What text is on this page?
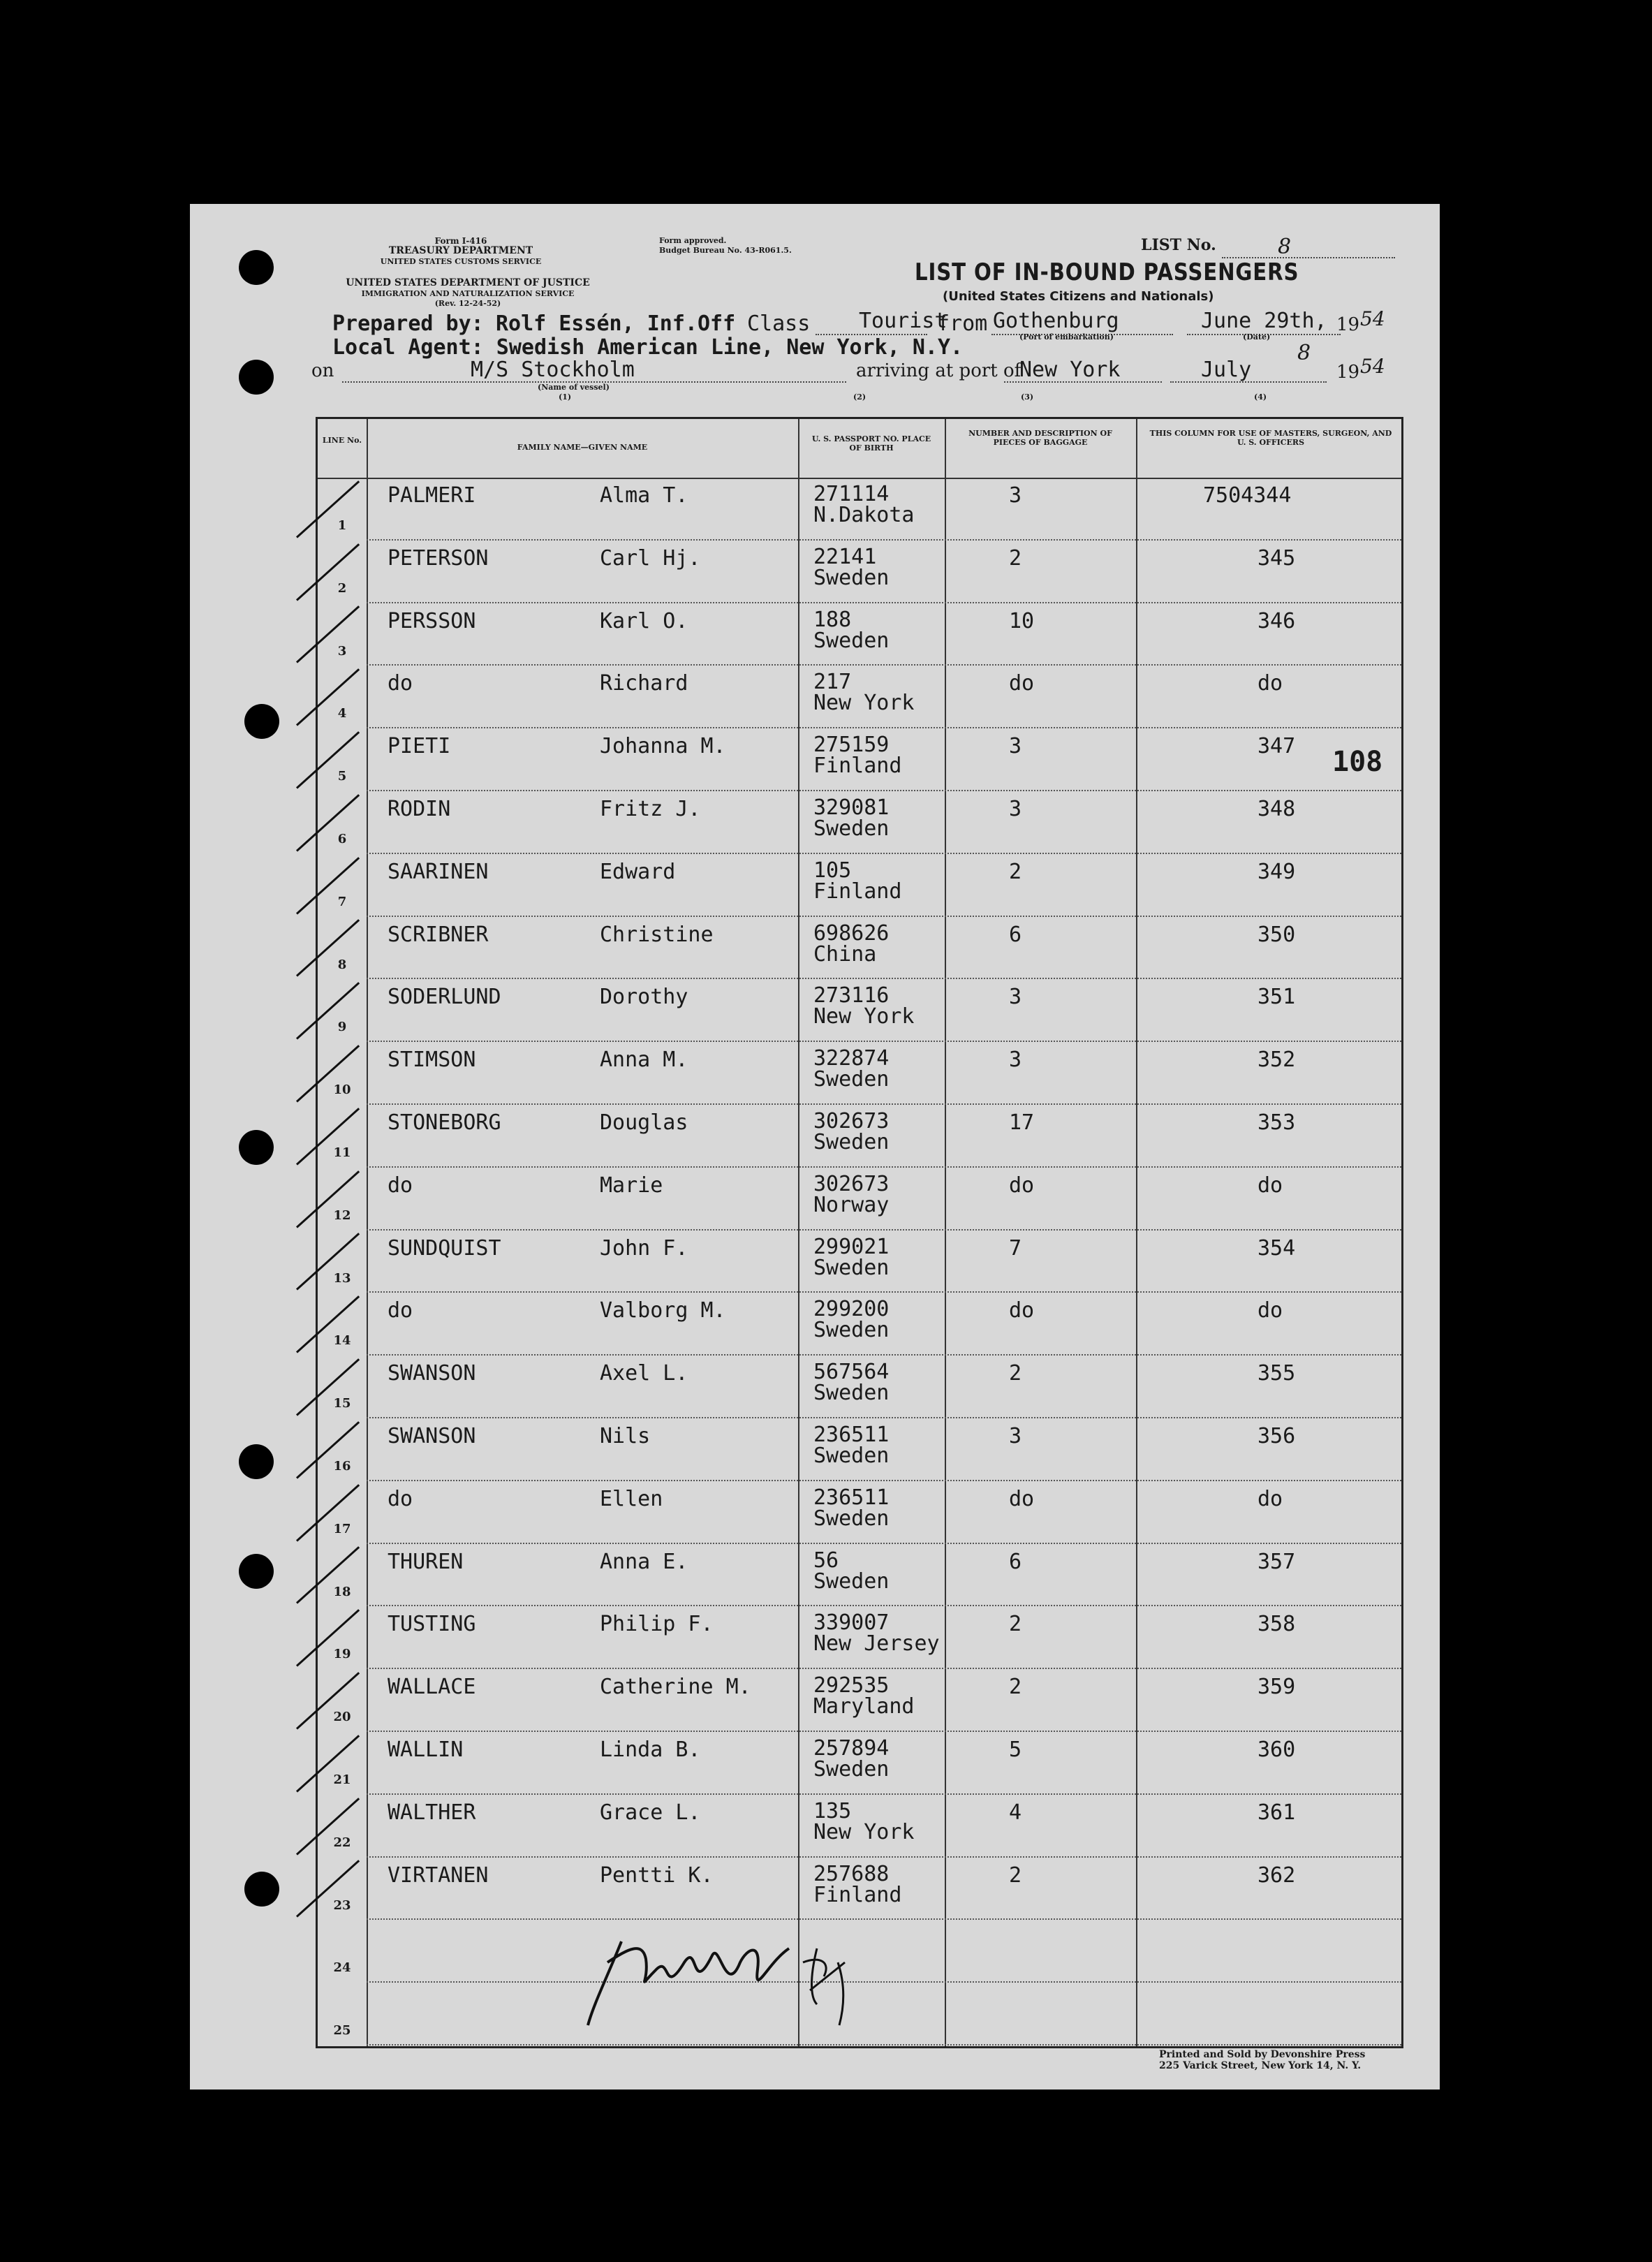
Form I-416
TREASURY DEPARTMENT
UNITED STATES CUSTOMS SERVICE
UNITED STATES DEPARTMENT OF JUSTICE
IMMIGRATION AND NATURALIZATION SERVICE
(Rev. 12-24-52)
Form approved.
Budget Bureau No. 43-R061.5.	LIST No.	8
LIST OF IN-BOUND PASSENGERS
(United States Citizens and Nationals)
Prepared by: Rolf Essén, Inf.Off Class Tourist
from Gothenburg
(Port of embarkation)
June 29th, 19 54
(Date)
Local Agent: Swedish American Line, New York, N.Y.
on	M/S Stockholm
(Name of vessel)
arriving at port of
New York	July
8
19 54
(1)	(2)	(3)	(4)
LINE No.
FAMILY NAME—GIVEN NAME
U. S. PASSPORT NO. PLACE OF BIRTH
NUMBER AND DESCRIPTION OF PIECES OF BAGGAGE
THIS COLUMN FOR USE OF MASTERS, SURGEON, AND U. S. OFFICERS
1
PALMERI	Alma T.	271114
N.Dakota
3	7504344
2
PETERSON	Carl Hj.	22141
Sweden
2	345
3
PERSSON	Karl O.	188
Sweden
10	346
4
do	Richard	217
New York
do	do
5
PIETI	Johanna M.	275159
Finland
3	347
6
RODIN	Fritz J.	329081
Sweden
3	348
7
SAARINEN	Edward	105
Finland
2	349
8
SCRIBNER	Christine	698626
China
6	350
9
SODERLUND	Dorothy	273116
New York
3	351
10
STIMSON	Anna M.	322874
Sweden
3	352
11
STONEBORG	Douglas	302673
Sweden
17	353
12
do	Marie	302673
Norway
do	do
13
SUNDQUIST	John F.	299021
Sweden
7	354
14
do	Valborg M.	299200
Sweden
do	do
15
SWANSON	Axel L.	567564
Sweden
2	355
16
SWANSON	Nils	236511
Sweden
3	356
17
do	Ellen	236511
Sweden
do	do
18
THUREN	Anna E.	56
Sweden
6	357
19
TUSTING	Philip F.	339007
New Jersey
2	358
20
WALLACE	Catherine M.	292535
Maryland
2	359
21
WALLIN	Linda B.	257894
Sweden
5	360
22
WALTHER	Grace L.	135
New York
4	361
23
VIRTANEN	Pentti K.	257688
Finland
2	362
24
25
108
Printed and Sold by Devonshire Press
225 Varick Street, New York 14, N. Y.
